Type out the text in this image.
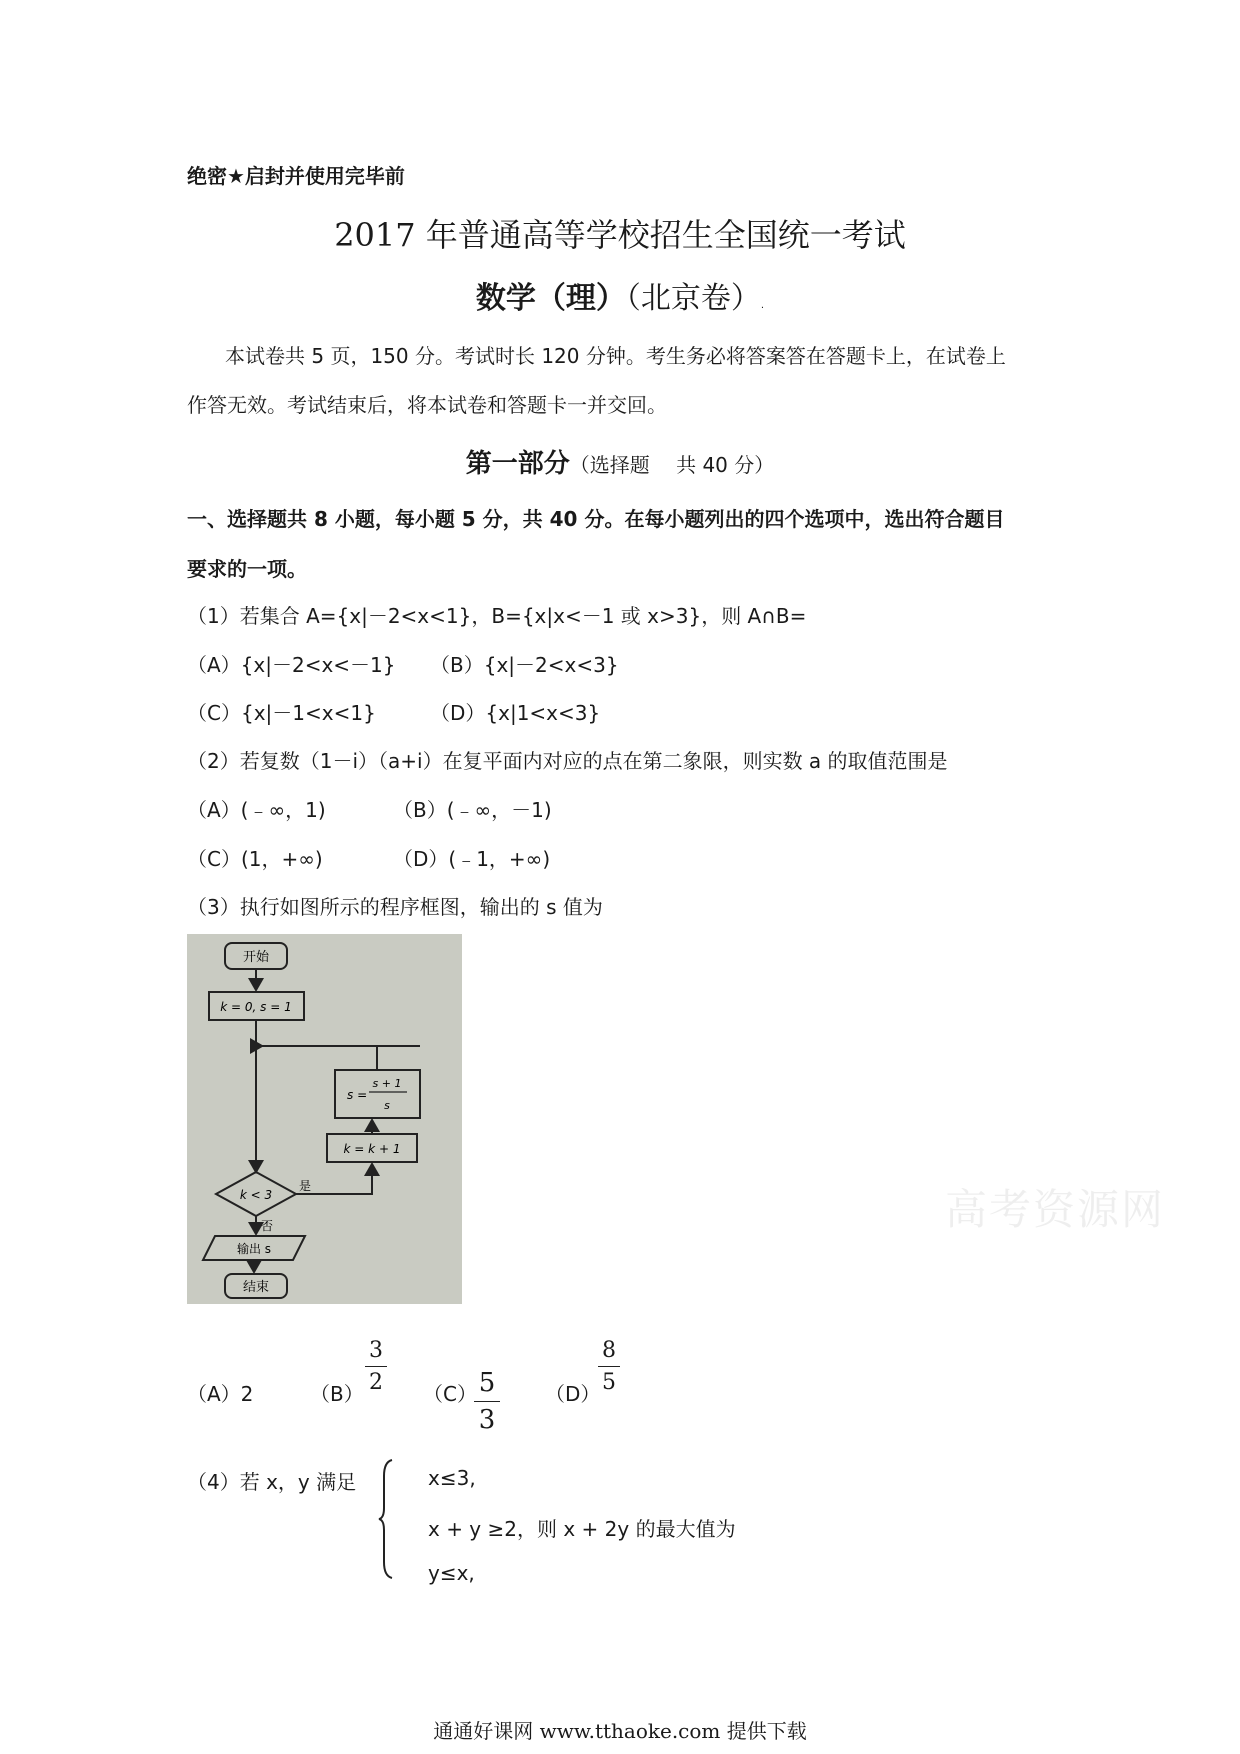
绝密★启封并使用完毕前
2017 年普通高等学校招生全国统一考试
数学（理）（北京卷）.
本试卷共 5 页，150 分。考试时长 120 分钟。考生务必将答案答在答题卡上，在试卷上
作答无效。考试结束后，将本试卷和答题卡一并交回。
第一部分（选择题　 共 40 分）
一、选择题共 8 小题，每小题 5 分，共 40 分。在每小题列出的四个选项中，选出符合题目
要求的一项。
（1）若集合 A={x|－2<x<1}，B={x|x<－1 或 x>3}，则 A∩B=
（A）{x|－2<x<－1} （B）{x|－2<x<3}
（C）{x|－1<x<1}	（D）{x|1<x<3}
（2）若复数（1－i）（a+i）在复平面内对应的点在第二象限，则实数 a 的取值范围是
（A）(﹣∞，1)	（B）(﹣∞，－1)
（C）(1，+∞)	（D）(﹣1，+∞)
（3）执行如图所示的程序框图，输出的 s 值为
开始
k = 0, s = 1
s =
s + 1
s
k = k + 1
k < 3
是
否
输出 s
结束
（A）2	（B）
3
2 （C） 5
3
（D）
8
5
（4）若 x，y 满足	x≤3,
x + y ≥2，则 x + 2y 的最大值为
y≤x,
高考资源网
通通好课网 www.tthaoke.com 提供下载
